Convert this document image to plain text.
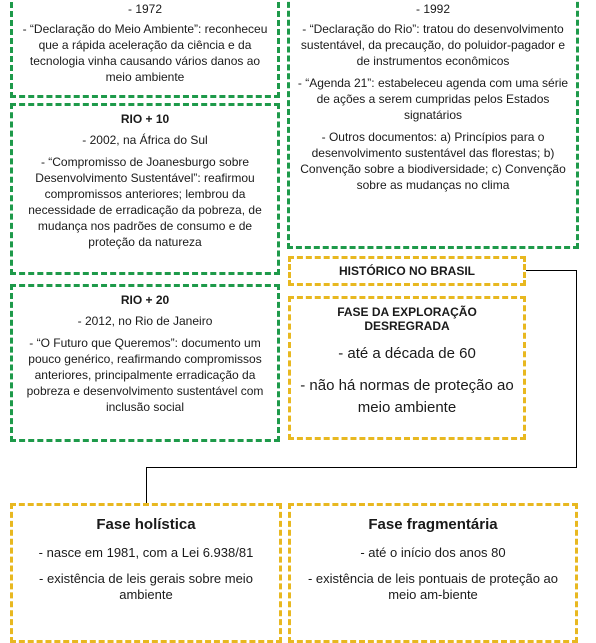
- 1972
- “Declaração do Meio Ambiente”: reconheceu que a rápida aceleração da ciência e da tecnologia vinha causando vários danos ao meio ambiente
- 1992
- “Declaração do Rio”: tratou do desenvolvimento sustentável, da precaução, do poluidor-pagador e de instrumentos econômicos
- “Agenda 21”: estabeleceu agenda com uma série de ações a serem cumpridas pelos Estados signatários
- Outros documentos: a) Princípios para o desenvolvimento sustentável das florestas; b) Convenção sobre a biodiversidade; c) Convenção sobre as mudanças no clima
RIO + 10
- 2002, na África do Sul
- “Compromisso de Joanesburgo sobre Desenvolvimento Sustentável”: reafirmou compromissos anteriores; lembrou da necessidade de erradicação da pobreza, de mudança nos padrões de consumo e de proteção da natureza
RIO + 20
- 2012, no Rio de Janeiro
- “O Futuro que Queremos”: documento um pouco genérico, reafirmando compromissos anteriores, principalmente erradicação da pobreza e desenvolvimento sustentável com inclusão social
HISTÓRICO NO BRASIL
FASE DA EXPLORAÇÃO DESREGRADA
- até a década de 60
- não há normas de proteção ao meio ambiente
Fase holística
- nasce em 1981, com a Lei 6.938/81
- existência de leis gerais sobre meio ambiente
Fase fragmentária
- até o início dos anos 80
- existência de leis pontuais de proteção ao meio am-biente
